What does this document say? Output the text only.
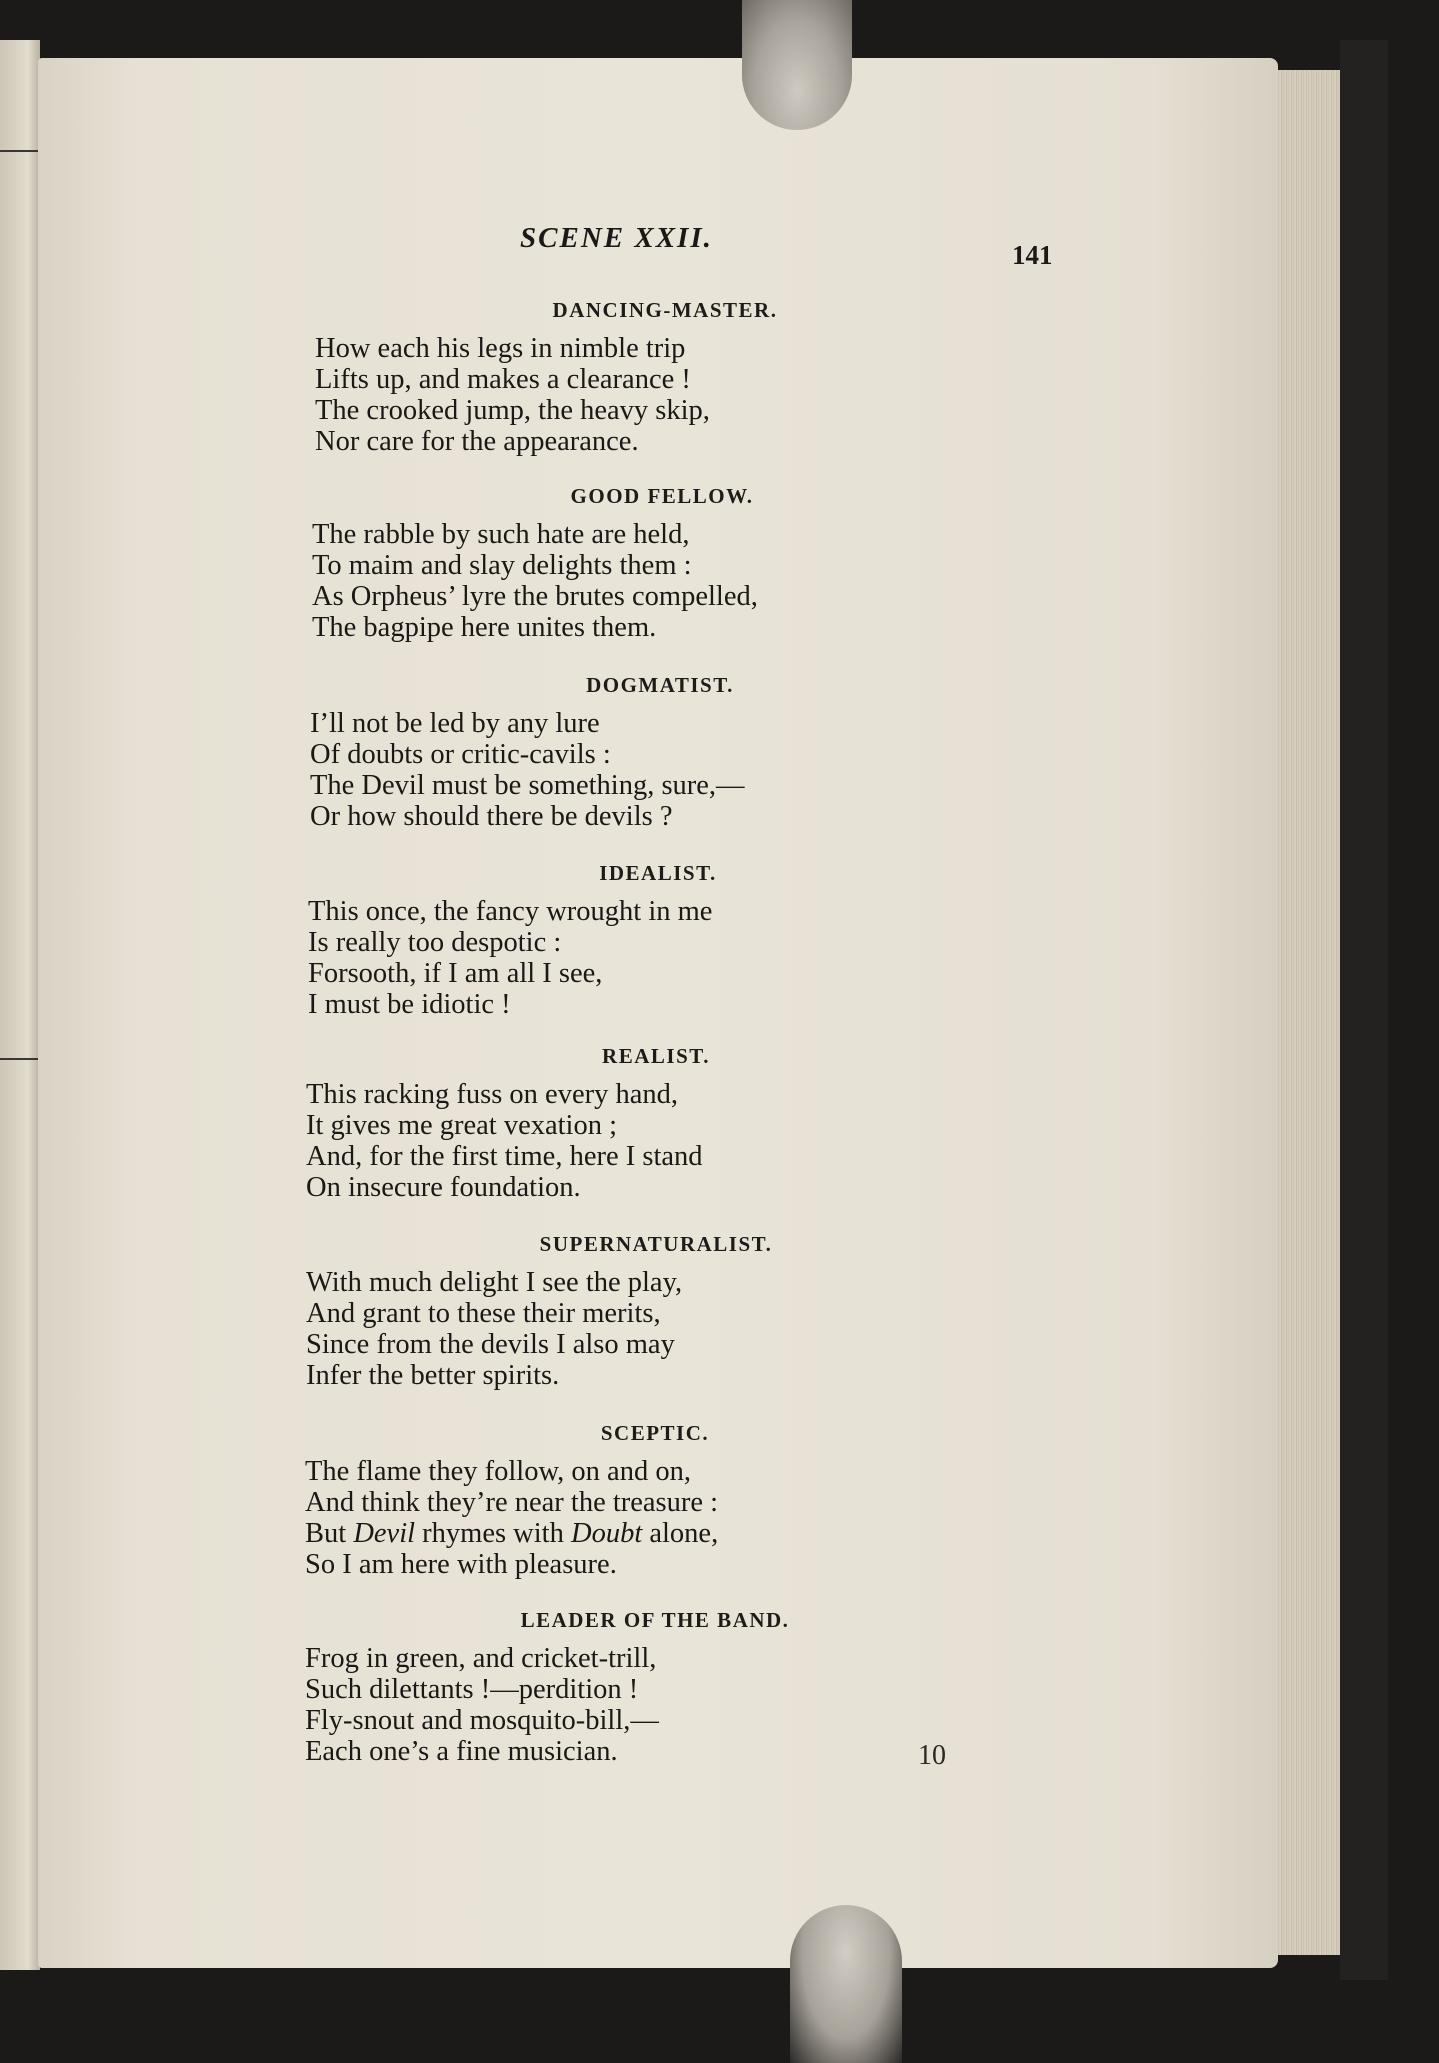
SCENE XXII.
141
DANCING-MASTER.
How each his legs in nimble trip
Lifts up, and makes a clearance !
The crooked jump, the heavy skip,
Nor care for the appearance.
GOOD FELLOW.
The rabble by such hate are held,
To maim and slay delights them :
As Orpheus’ lyre the brutes compelled,
The bagpipe here unites them.
DOGMATIST.
I’ll not be led by any lure
Of doubts or critic-cavils :
The Devil must be something, sure,—
Or how should there be devils ?
IDEALIST.
This once, the fancy wrought in me
Is really too despotic :
Forsooth, if I am all I see,
I must be idiotic !
REALIST.
This racking fuss on every hand,
It gives me great vexation ;
And, for the first time, here I stand
On insecure foundation.
SUPERNATURALIST.
With much delight I see the play,
And grant to these their merits,
Since from the devils I also may
Infer the better spirits.
SCEPTIC.
The flame they follow, on and on,
And think they’re near the treasure :
But Devil rhymes with Doubt alone,
So I am here with pleasure.
LEADER OF THE BAND.
Frog in green, and cricket-trill,
Such dilettants !—perdition !
Fly-snout and mosquito-bill,—
Each one’s a fine musician.	10
